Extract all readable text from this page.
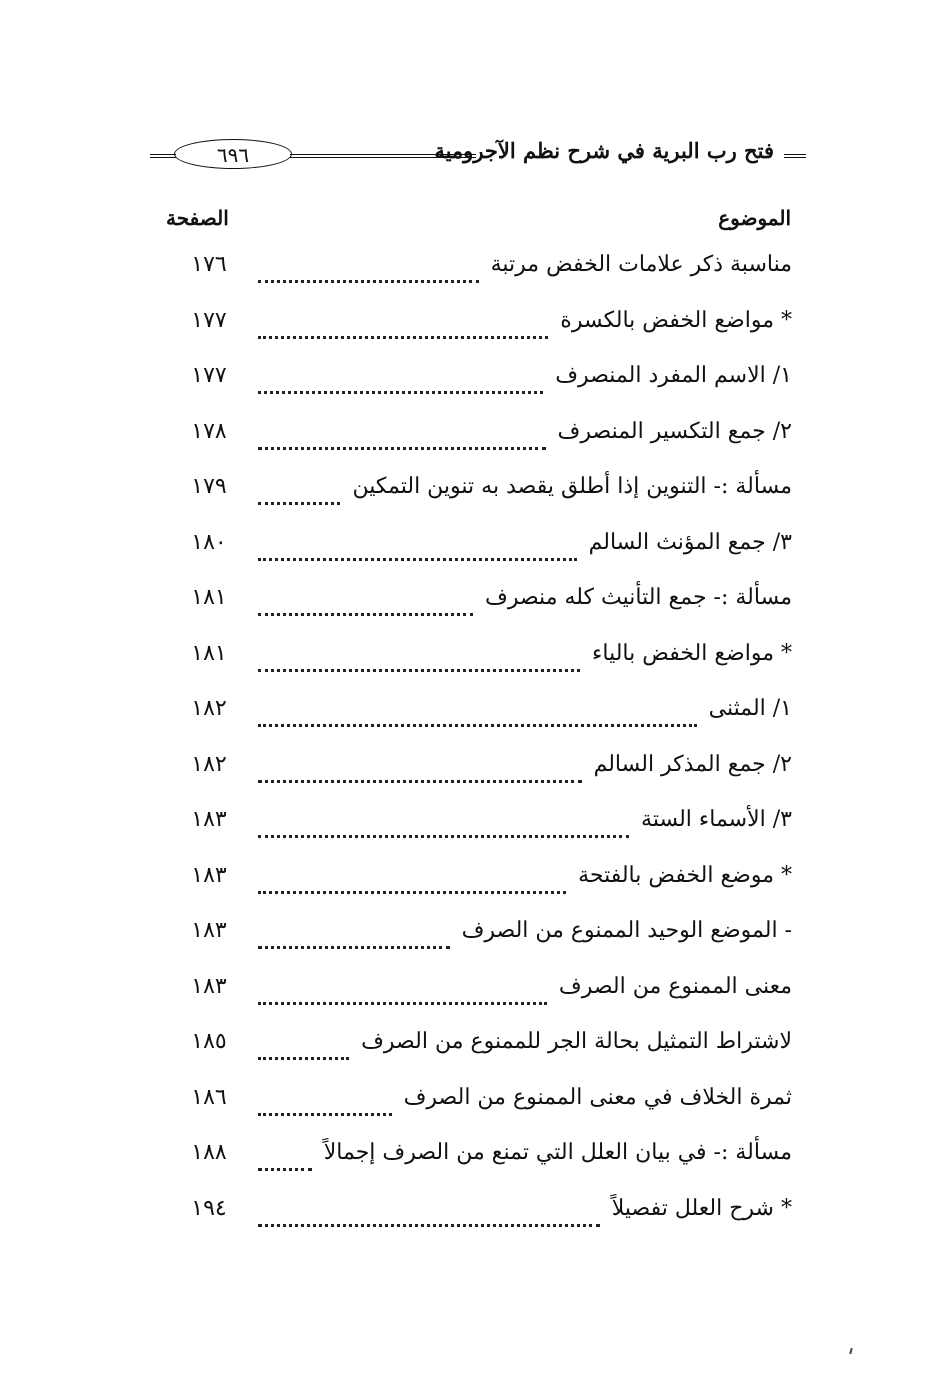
فتح رب البرية في شرح نظم الآجرومية
٦٩٦
الموضوع
الصفحة
مناسبة ذكر علامات الخفض مرتبة
١٧٦
* مواضع الخفض بالكسرة
١٧٧
١/ الاسم المفرد المنصرف
١٧٧
٢/ جمع التكسير المنصرف
١٧٨
مسألة :- التنوين إذا أطلق يقصد به تنوين التمكين
١٧٩
٣/ جمع المؤنث السالم
١٨٠
مسألة :- جمع التأنيث كله منصرف
١٨١
* مواضع الخفض بالياء
١٨١
١/ المثنى
١٨٢
٢/ جمع المذكر السالم
١٨٢
٣/ الأسماء الستة
١٨٣
* موضع الخفض بالفتحة
١٨٣
- الموضع الوحيد الممنوع من الصرف
١٨٣
معنى الممنوع من الصرف
١٨٣
لاشتراط التمثيل بحالة الجر للممنوع من الصرف
١٨٥
ثمرة الخلاف في معنى الممنوع من الصرف
١٨٦
مسألة :- في بيان العلل التي تمنع من الصرف إجمالاً
١٨٨
* شرح العلل تفصيلاً
١٩٤
